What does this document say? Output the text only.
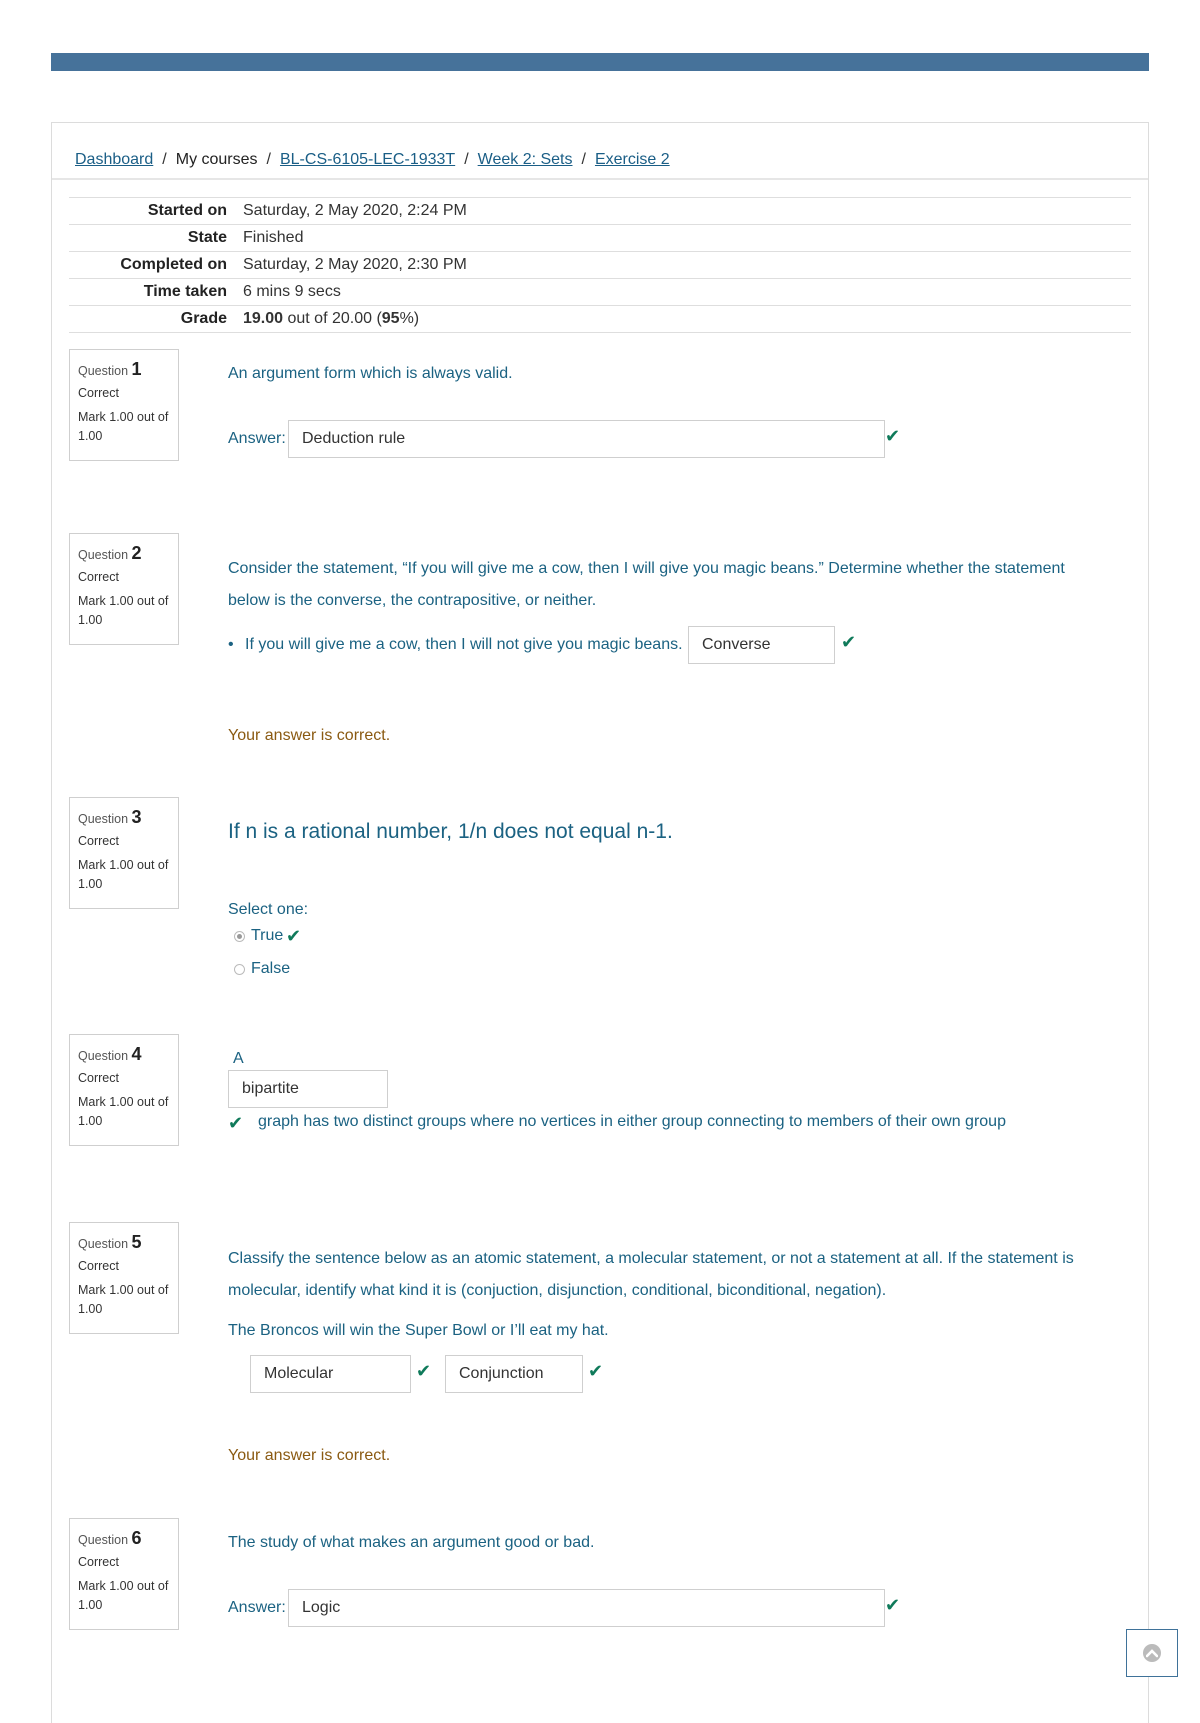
Dashboard / My courses / BL-CS-6105-LEC-1933T / Week 2: Sets / Exercise 2
Started on	Saturday, 2 May 2020, 2:24 PM
State	Finished
Completed on	Saturday, 2 May 2020, 2:30 PM
Time taken	6 mins 9 secs
Grade	19.00 out of 20.00 (95%)
Question 1
Correct
Mark 1.00 out of 1.00
An argument form which is always valid.
Answer:	Deduction rule	✔
Question 2
Correct
Mark 1.00 out of 1.00
Consider the statement, “If you will give me a cow, then I will give you magic beans.” Determine whether the statement below is the converse, the contrapositive, or neither.
• If you will give me a cow, then I will not give you magic beans.	Converse	✔
Your answer is correct.
Question 3
Correct
Mark 1.00 out of 1.00
If n is a rational number, 1/n does not equal n-1.
Select one:
True ✔
False
Question 4
Correct
Mark 1.00 out of 1.00
A
bipartite
✔ graph has two distinct groups where no vertices in either group connecting to members of their own group
Question 5
Correct
Mark 1.00 out of 1.00
Classify the sentence below as an atomic statement, a molecular statement, or not a statement at all. If the statement is molecular, identify what kind it is (conjuction, disjunction, conditional, biconditional, negation).
The Broncos will win the Super Bowl or I’ll eat my hat.
Molecular	✔	Conjunction	✔
Your answer is correct.
Question 6
Correct
Mark 1.00 out of 1.00
The study of what makes an argument good or bad.
Answer:	Logic	✔
